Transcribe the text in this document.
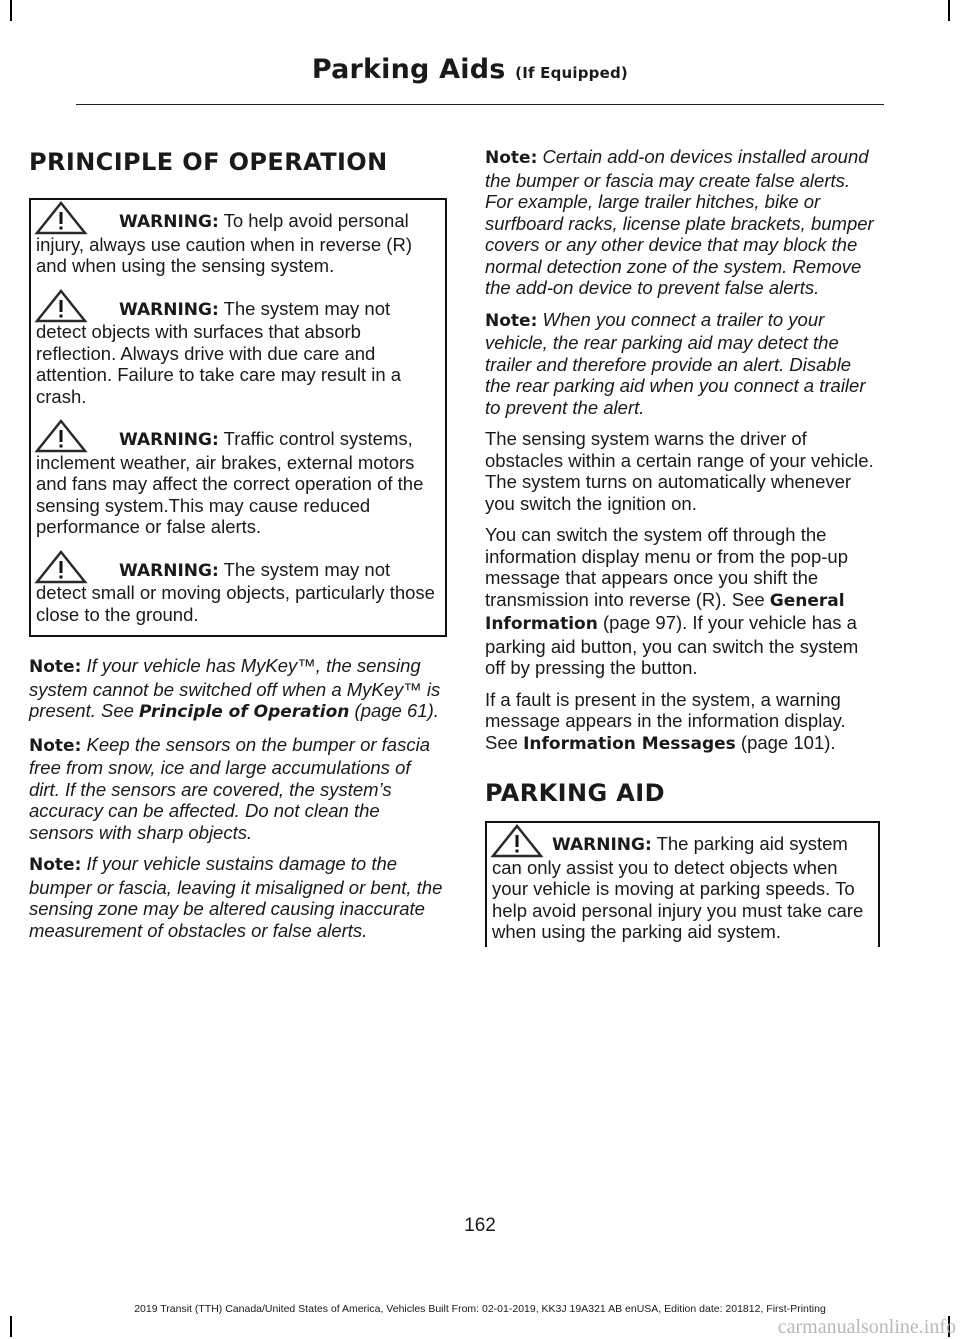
Parking Aids (If Equipped)
PRINCIPLE OF OPERATION
WARNING: To help avoid personal injury, always use caution when in reverse (R) and when using the sensing system.
WARNING: The system may not detect objects with surfaces that absorb reflection. Always drive with due care and attention. Failure to take care may result in a crash.
WARNING: Traffic control systems, inclement weather, air brakes, external motors and fans may affect the correct operation of the sensing system.This may cause reduced performance or false alerts.
WARNING: The system may not detect small or moving objects, particularly those close to the ground.

Note: If your vehicle has MyKey™, the sensing system cannot be switched off when a MyKey™ is present. See Principle of Operation (page 61).

Note: Keep the sensors on the bumper or fascia free from snow, ice and large accumulations of dirt. If the sensors are covered, the system’s accuracy can be affected. Do not clean the sensors with sharp objects.

Note: If your vehicle sustains damage to the bumper or fascia, leaving it misaligned or bent, the sensing zone may be altered causing inaccurate measurement of obstacles or false alerts.

Note: Certain add-on devices installed around the bumper or fascia may create false alerts. For example, large trailer hitches, bike or surfboard racks, license plate brackets, bumper covers or any other device that may block the normal detection zone of the system. Remove the add-on device to prevent false alerts.

Note: When you connect a trailer to your vehicle, the rear parking aid may detect the trailer and therefore provide an alert. Disable the rear parking aid when you connect a trailer to prevent the alert.

The sensing system warns the driver of obstacles within a certain range of your vehicle. The system turns on automatically whenever you switch the ignition on.

You can switch the system off through the information display menu or from the pop-up message that appears once you shift the transmission into reverse (R). See General Information (page 97). If your vehicle has a parking aid button, you can switch the system off by pressing the button.

If a fault is present in the system, a warning message appears in the information display. See Information Messages (page 101).

PARKING AID
WARNING: The parking aid system can only assist you to detect objects when your vehicle is moving at parking speeds. To help avoid personal injury you must take care when using the parking aid system.
162
2019 Transit (TTH) Canada/United States of America, Vehicles Built From: 02-01-2019, KK3J 19A321 AB enUSA, Edition date: 201812, First-Printing
carmanualsonline.info
